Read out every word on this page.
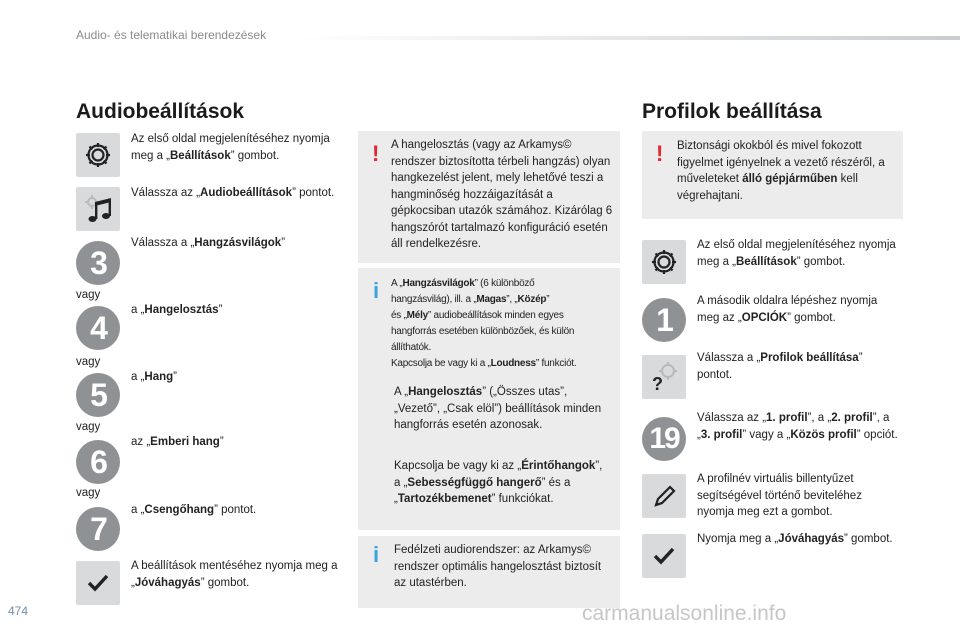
Audio- és telematikai berendezések
Audiobeállítások
Az első oldal megjelenítéséhez nyomja meg a „Beállítások” gombot.
Válassza az „Audiobeállítások” pontot.
3
Válassza a „Hangzásvilágok”
vagy
4	a „Hangelosztás”
vagy
5	a „Hang”
vagy
6
az „Emberi hang”
vagy
7
a „Csengőhang” pontot.
A beállítások mentéséhez nyomja meg a „Jóváhagyás” gombot.
! A hangelosztás (vagy az Arkamys© rendszer biztosította térbeli hangzás) olyan hangkezelést jelent, mely lehetővé teszi a hangminőség hozzáigazítását a gépkocsiban utazók számához. Kizárólag 6 hangszórót tartalmazó konfiguráció esetén áll rendelkezésre.
i A „Hangzásvilágok” (6 különböző
hangzásvilág), ill. a „Magas”, „Közép”
és „Mély” audiobeállítások minden egyes
hangforrás esetében különbözőek, és külön
állíthatók.
Kapcsolja be vagy ki a „Loudness” funkciót.
A „Hangelosztás” („Összes utas”, „Vezető”, „Csak elöl”) beállítások minden hangforrás esetén azonosak.
Kapcsolja be vagy ki az „Érintőhangok”, a „Sebességfüggő hangerő” és a „Tartozékbemenet” funkciókat.
i Fedélzeti audiorendszer: az Arkamys© rendszer optimális hangelosztást biztosít az utastérben.
Profilok beállítása
! Biztonsági okokból és mivel fokozott figyelmet igényelnek a vezető részéről, a műveleteket álló gépjárműben kell végrehajtani.
Az első oldal megjelenítéséhez nyomja meg a „Beállítások” gombot.
1
A második oldalra lépéshez nyomja meg az „OPCIÓK” gombot.
?
Válassza a „Profilok beállítása” pontot.
19
Válassza az „1. profil”, a „2. profil”, a „3. profil” vagy a „Közös profil” opciót.
A profilnév virtuális billentyűzet segítségével történő beviteléhez nyomja meg ezt a gombot.
Nyomja meg a „Jóváhagyás” gombot.
474	carmanualsonline.info
